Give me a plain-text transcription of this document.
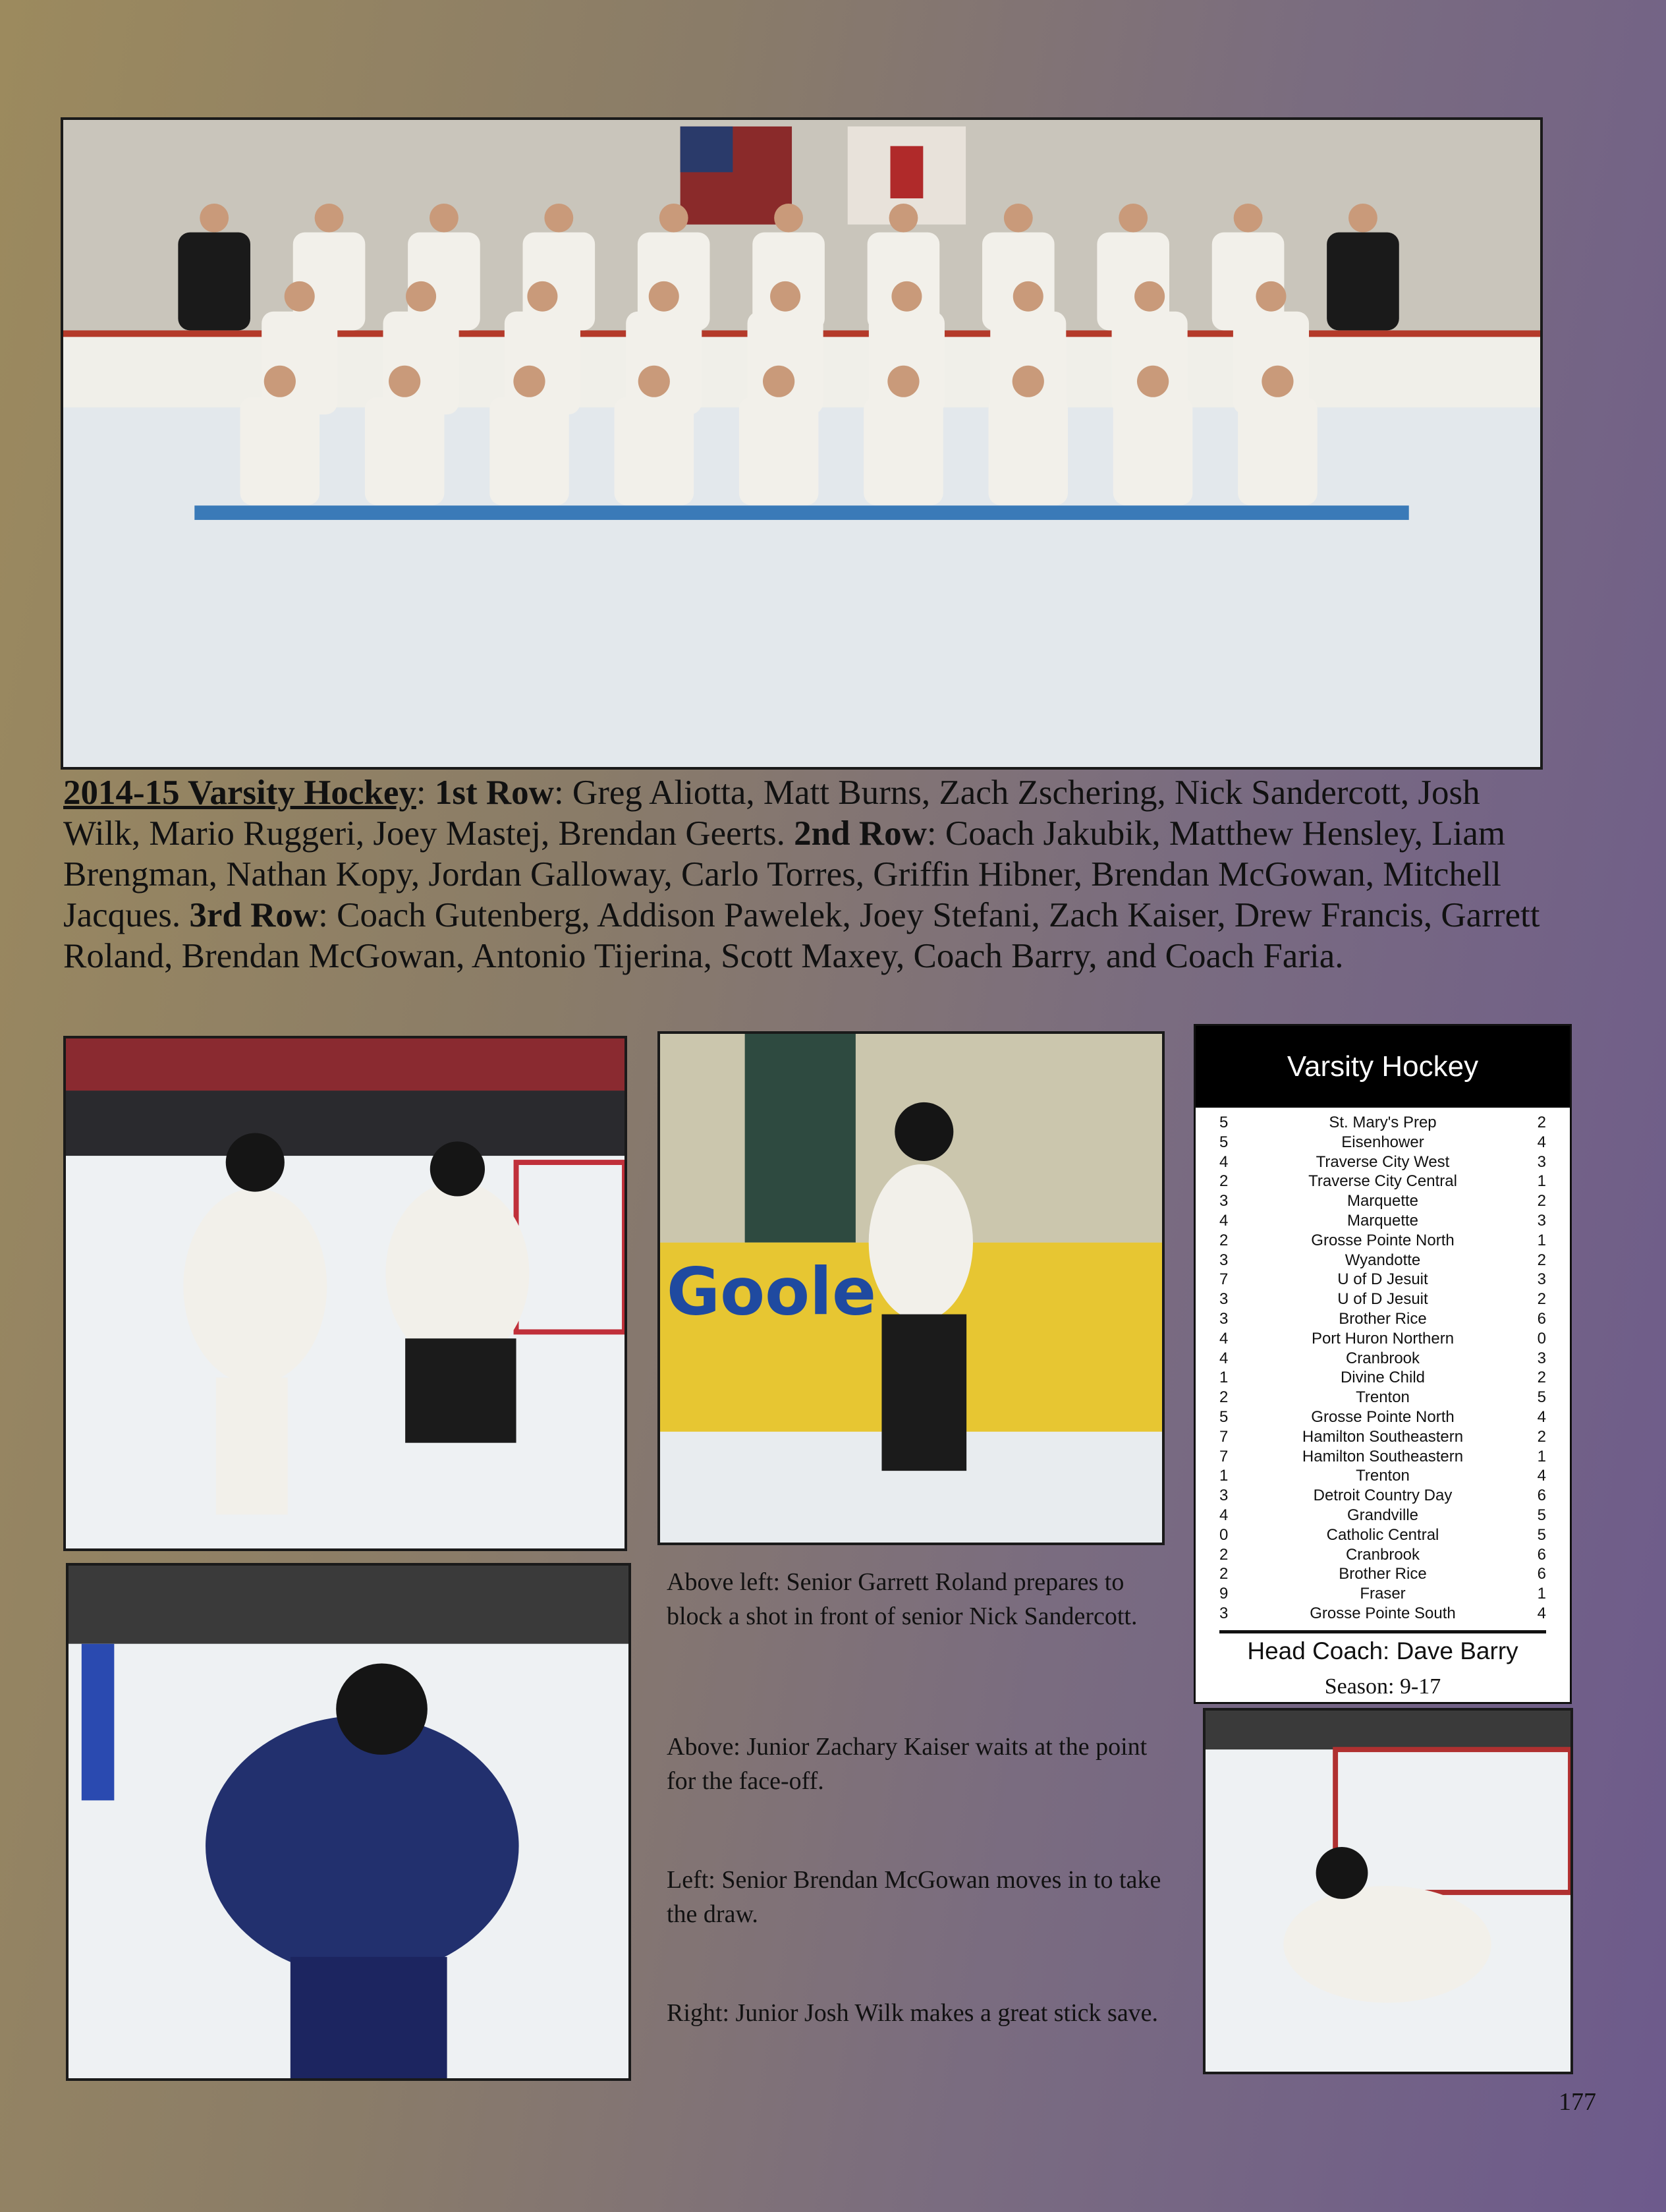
2014-15 Varsity Hockey: 1st Row: Greg Aliotta, Matt Burns, Zach Zschering, Nick Sandercott, Josh Wilk, Mario Ruggeri, Joey Mastej, Brendan Geerts. 2nd Row: Coach Jakubik, Matthew Hensley, Liam Brengman, Nathan Kopy, Jordan Galloway, Carlo Torres, Griffin Hibner, Brendan McGowan, Mitchell Jacques. 3rd Row: Coach Gutenberg, Addison Pawelek, Joey Stefani, Zach Kaiser, Drew Francis, Garrett Roland, Brendan McGowan, Antonio Tijerina, Scott Maxey, Coach Barry, and Coach Faria.
Goole
Above left: Senior Garrett Roland prepares to block a shot in front of senior Nick Sandercott.
Above: Junior Zachary Kaiser waits at the point for the face-off.
Left: Senior Brendan McGowan moves in to take the draw.
Right: Junior Josh Wilk makes a great stick save.
Varsity Hockey
5	St. Mary's Prep	2
5	Eisenhower	4
4	Traverse City West	3
2	Traverse City Central	1
3	Marquette	2
4	Marquette	3
2	Grosse Pointe North	1
3	Wyandotte	2
7	U of D Jesuit	3
3	U of D Jesuit	2
3	Brother Rice	6
4	Port Huron Northern	0
4	Cranbrook	3
1	Divine Child	2
2	Trenton	5
5	Grosse Pointe North	4
7	Hamilton Southeastern	2
7	Hamilton Southeastern	1
1	Trenton	4
3	Detroit Country Day	6
4	Grandville	5
0	Catholic Central	5
2	Cranbrook	6
2	Brother Rice	6
9	Fraser	1
3	Grosse Pointe South	4
Head Coach: Dave Barry
Season: 9-17
177
